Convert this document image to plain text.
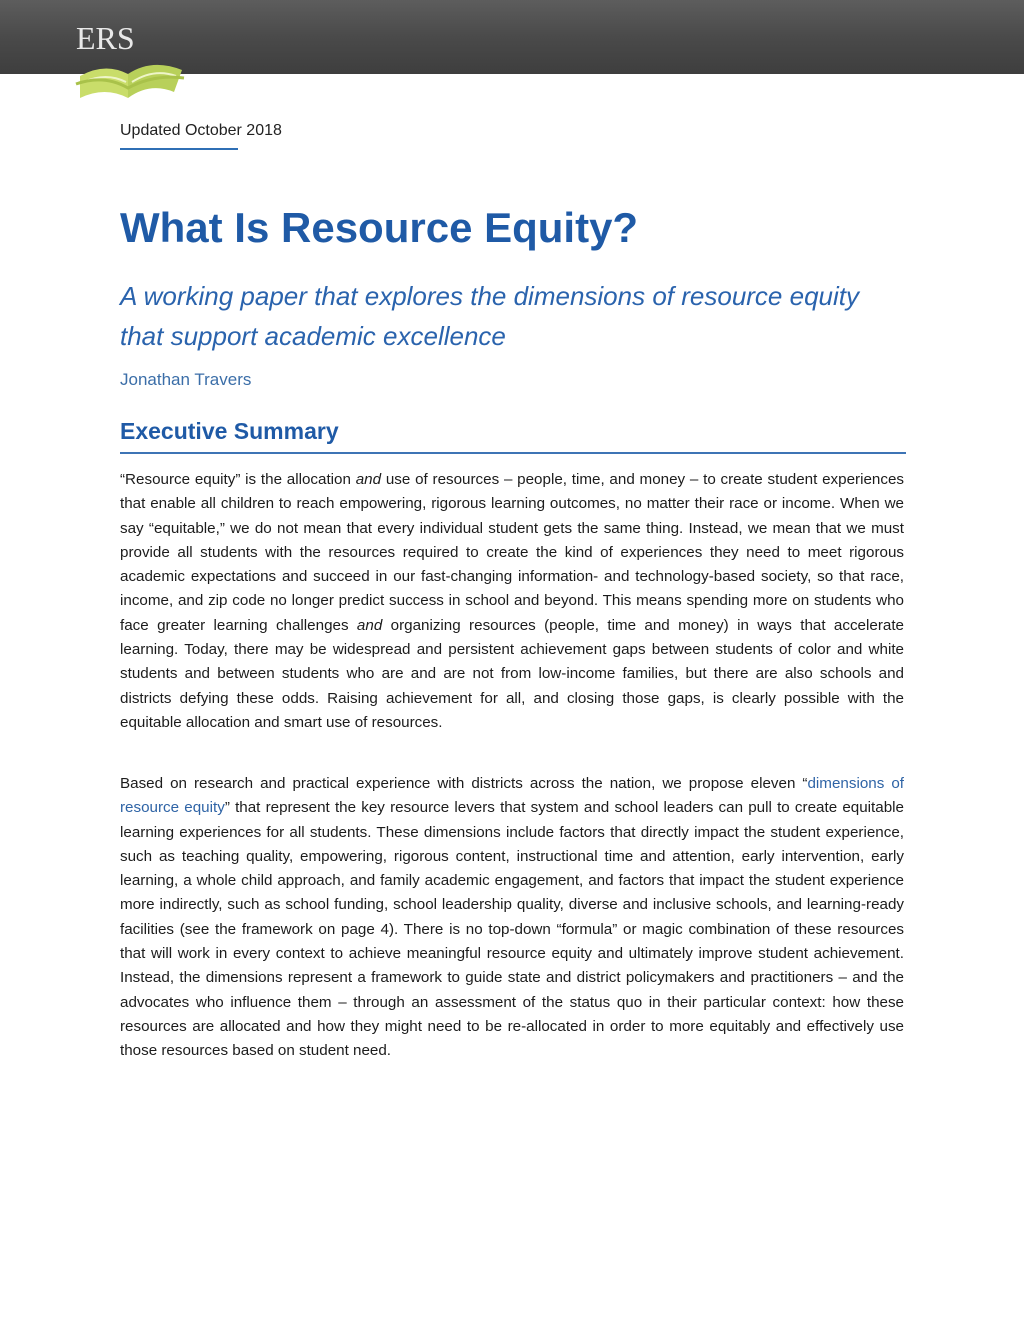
ERS
Updated October 2018
What Is Resource Equity?

A working paper that explores the dimensions of resource equity that support academic excellence

Jonathan Travers
Executive Summary

“Resource equity” is the allocation and use of resources – people, time, and money – to create student experiences that enable all children to reach empowering, rigorous learning outcomes, no matter their race or income. When we say “equitable,” we do not mean that every individual student gets the same thing. Instead, we mean that we must provide all students with the resources required to create the kind of experiences they need to meet rigorous academic expectations and succeed in our fast-changing information- and technology-based society, so that race, income, and zip code no longer predict success in school and beyond. This means spending more on students who face greater learning challenges and organizing resources (people, time and money) in ways that accelerate learning. Today, there may be widespread and persistent achievement gaps between students of color and white students and between students who are and are not from low-income families, but there are also schools and districts defying these odds. Raising achievement for all, and closing those gaps, is clearly possible with the equitable allocation and smart use of resources.

Based on research and practical experience with districts across the nation, we propose eleven “dimensions of resource equity” that represent the key resource levers that system and school leaders can pull to create equitable learning experiences for all students. These dimensions include factors that directly impact the student experience, such as teaching quality, empowering, rigorous content, instructional time and attention, early intervention, early learning, a whole child approach, and family academic engagement, and factors that impact the student experience more indirectly, such as school funding, school leadership quality, diverse and inclusive schools, and learning-ready facilities (see the framework on page 4). There is no top-down “formula” or magic combination of these resources that will work in every context to achieve meaningful resource equity and ultimately improve student achievement. Instead, the dimensions represent a framework to guide state and district policymakers and practitioners – and the advocates who influence them – through an assessment of the status quo in their particular context: how these resources are allocated and how they might need to be re-allocated in order to more equitably and effectively use those resources based on student need.
